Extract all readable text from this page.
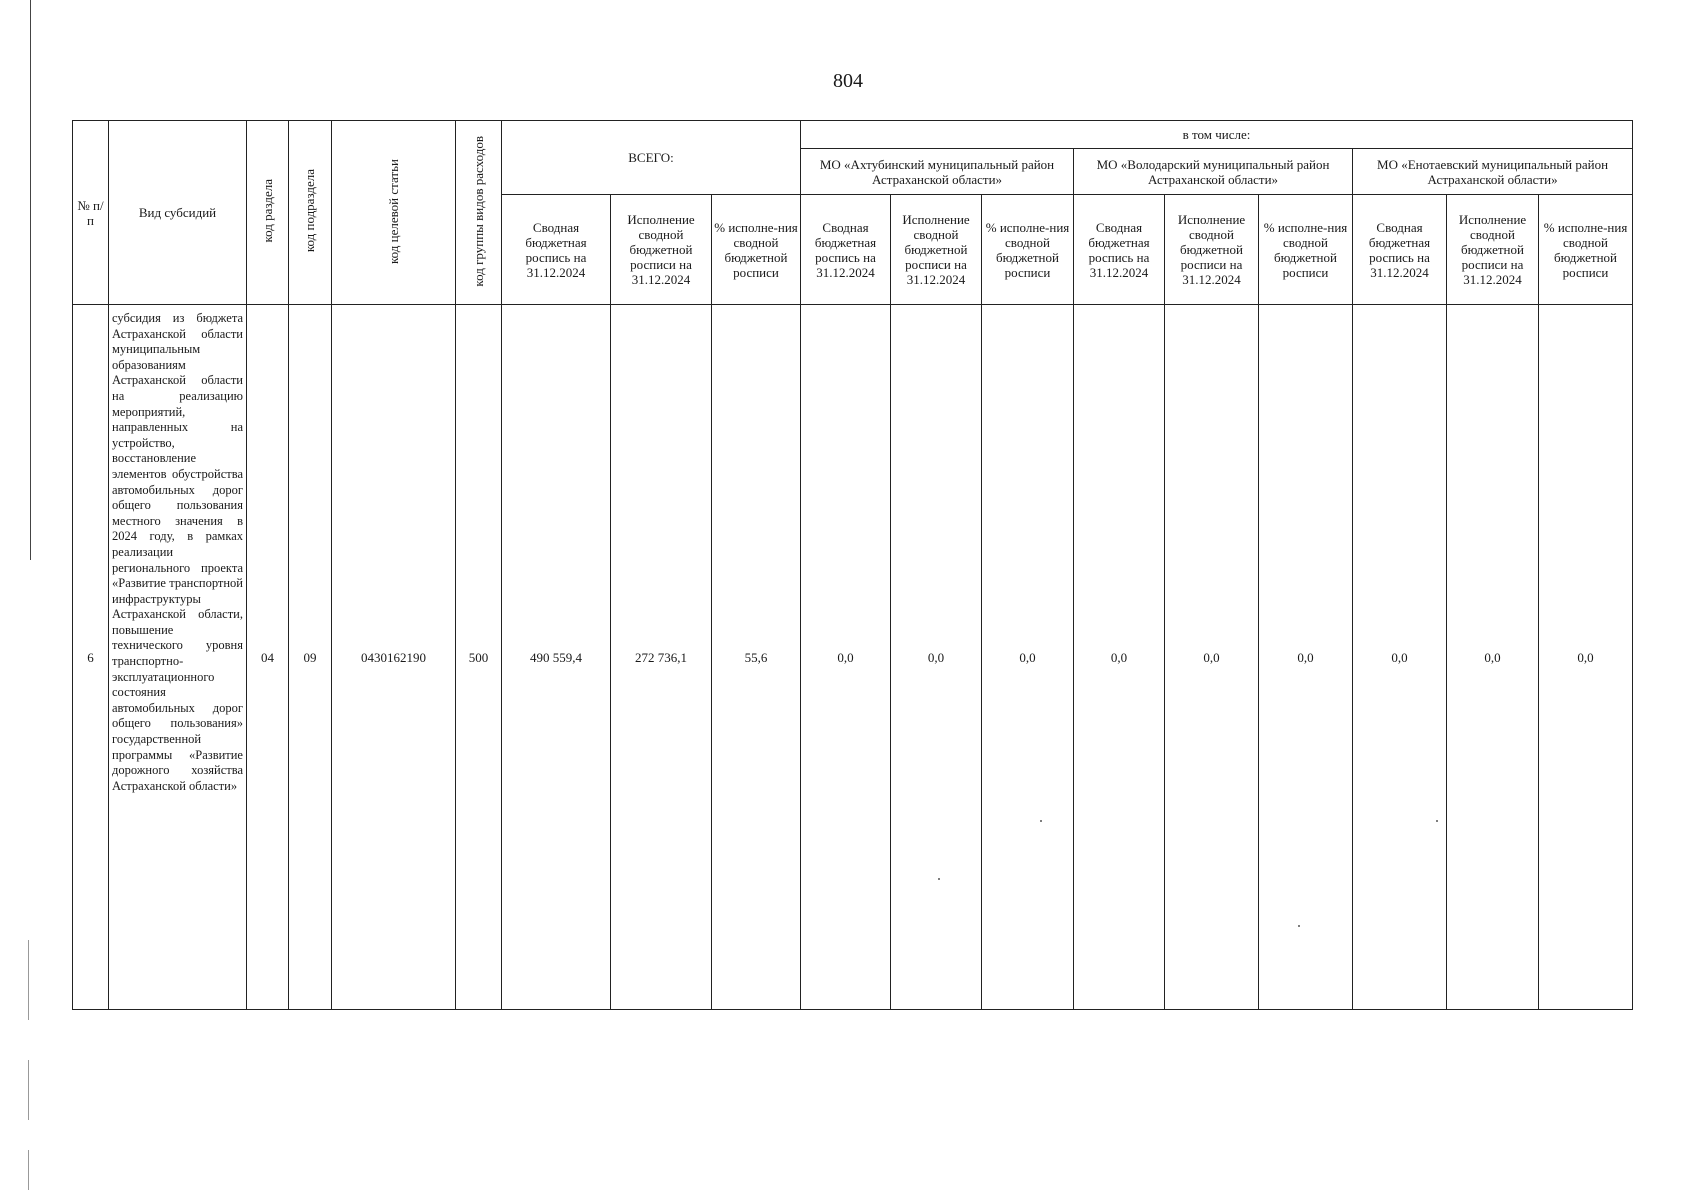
804
№ п/п	Вид субсидий	код раздела	код подраздела	код целевой статьи	код группы видов расходов	ВСЕГО:			в том числе:								
									МО «Ахтубинский муниципальный район Астраханской области»			МО «Володарский муниципальный район Астраханской области»			МО «Енотаевский муниципальный район Астраханской области»		
						Сводная бюджетная роспись на 31.12.2024	Исполнение сводной бюджетной росписи на 31.12.2024	% исполне-ния сводной бюджетной росписи	Сводная бюджетная роспись на 31.12.2024	Исполнение сводной бюджетной росписи на 31.12.2024	% исполне-ния сводной бюджетной росписи	Сводная бюджетная роспись на 31.12.2024	Исполнение сводной бюджетной росписи на 31.12.2024	% исполне-ния сводной бюджетной росписи	Сводная бюджетная роспись на 31.12.2024	Исполнение сводной бюджетной росписи на 31.12.2024	% исполне-ния сводной бюджетной росписи
6	субсидия из бюджета Астраханской области муниципальным образованиям Астраханской области на реализацию мероприятий, направленных на устройство, восстановление элементов обустройства автомобильных дорог общего пользования местного значения в 2024 году, в рамках реализации регионального проекта «Развитие транспортной инфраструктуры Астраханской области, повышение технического уровня транспортно-эксплуатационного состояния автомобильных дорог общего пользования» государственной программы «Развитие дорожного хозяйства Астраханской области»	04	09	0430162190	500	490 559,4	272 736,1	55,6	0,0	0,0	0,0	0,0	0,0	0,0	0,0	0,0	0,0
